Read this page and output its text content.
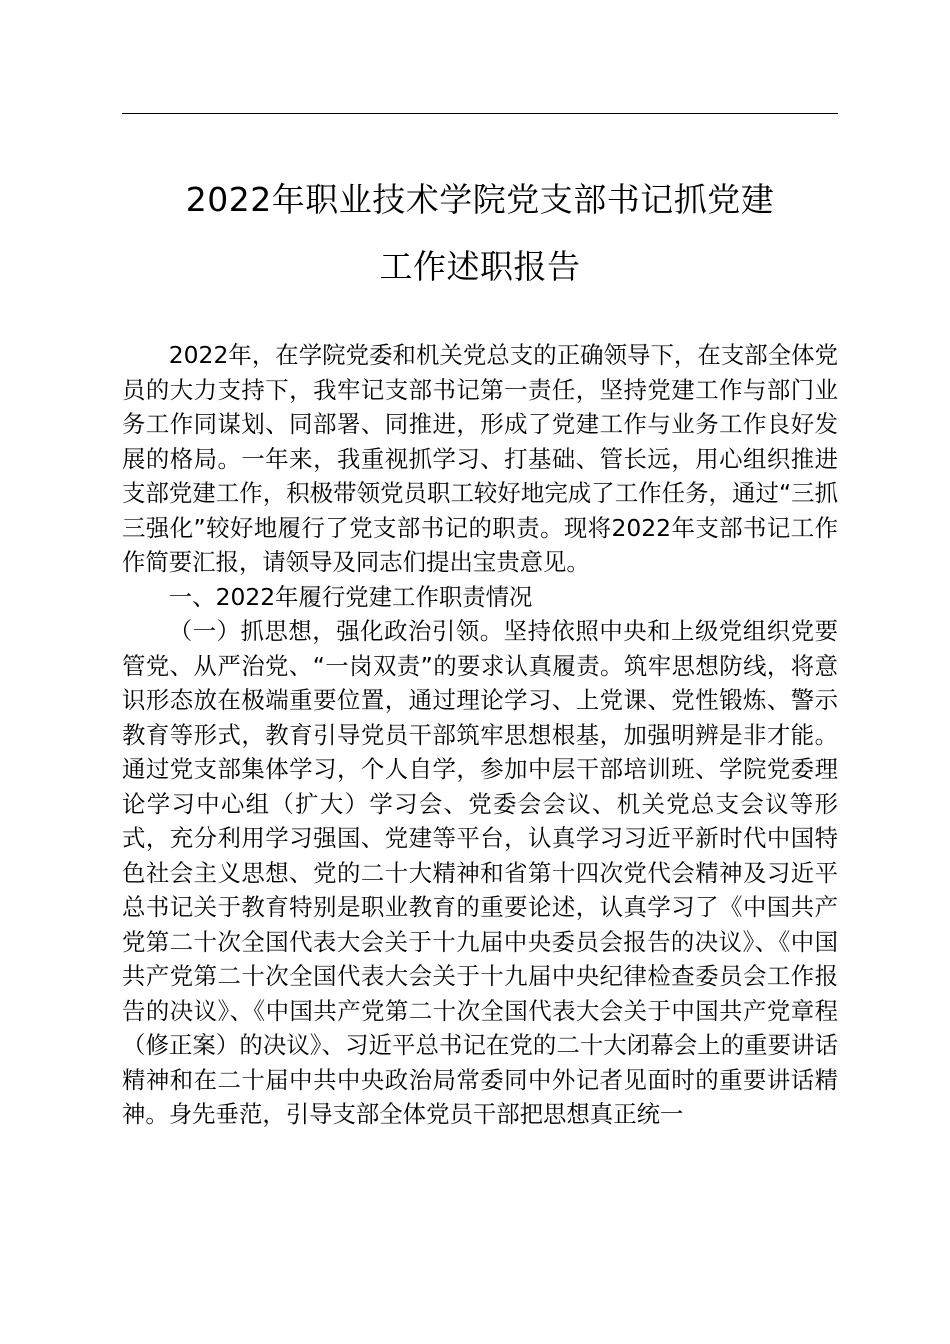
2022年职业技术学院党支部书记抓党建
工作述职报告

2022年，在学院党委和机关党总支的正确领导下，在支部全体党员的大力支持下，我牢记支部书记第一责任，坚持党建工作与部门业务工作同谋划、同部署、同推进，形成了党建工作与业务工作良好发展的格局。一年来，我重视抓学习、打基础、管长远，用心组织推进支部党建工作，积极带领党员职工较好地完成了工作任务，通过“三抓三强化”较好地履行了党支部书记的职责。现将2022年支部书记工作作简要汇报，请领导及同志们提出宝贵意见。

一、2022年履行党建工作职责情况

（一）抓思想，强化政治引领。坚持依照中央和上级党组织党要管党、从严治党、“一岗双责”的要求认真履责。筑牢思想防线，将意识形态放在极端重要位置，通过理论学习、上党课、党性锻炼、警示教育等形式，教育引导党员干部筑牢思想根基，加强明辨是非才能。通过党支部集体学习，个人自学，参加中层干部培训班、学院党委理论学习中心组（扩大）学习会、党委会会议、机关党总支会议等形式，充分利用学习强国、党建等平台，认真学习习近平新时代中国特色社会主义思想、党的二十大精神和省第十四次党代会精神及习近平总书记关于教育特别是职业教育的重要论述，认真学习了《中国共产党第二十次全国代表大会关于十九届中央委员会报告的决议》、《中国共产党第二十次全国代表大会关于十九届中央纪律检查委员会工作报告的决议》、《中国共产党第二十次全国代表大会关于中国共产党章程（修正案）的决议》、习近平总书记在党的二十大闭幕会上的重要讲话精神和在二十届中共中央政治局常委同中外记者见面时的重要讲话精神。身先垂范，引导支部全体党员干部把思想真正统一
